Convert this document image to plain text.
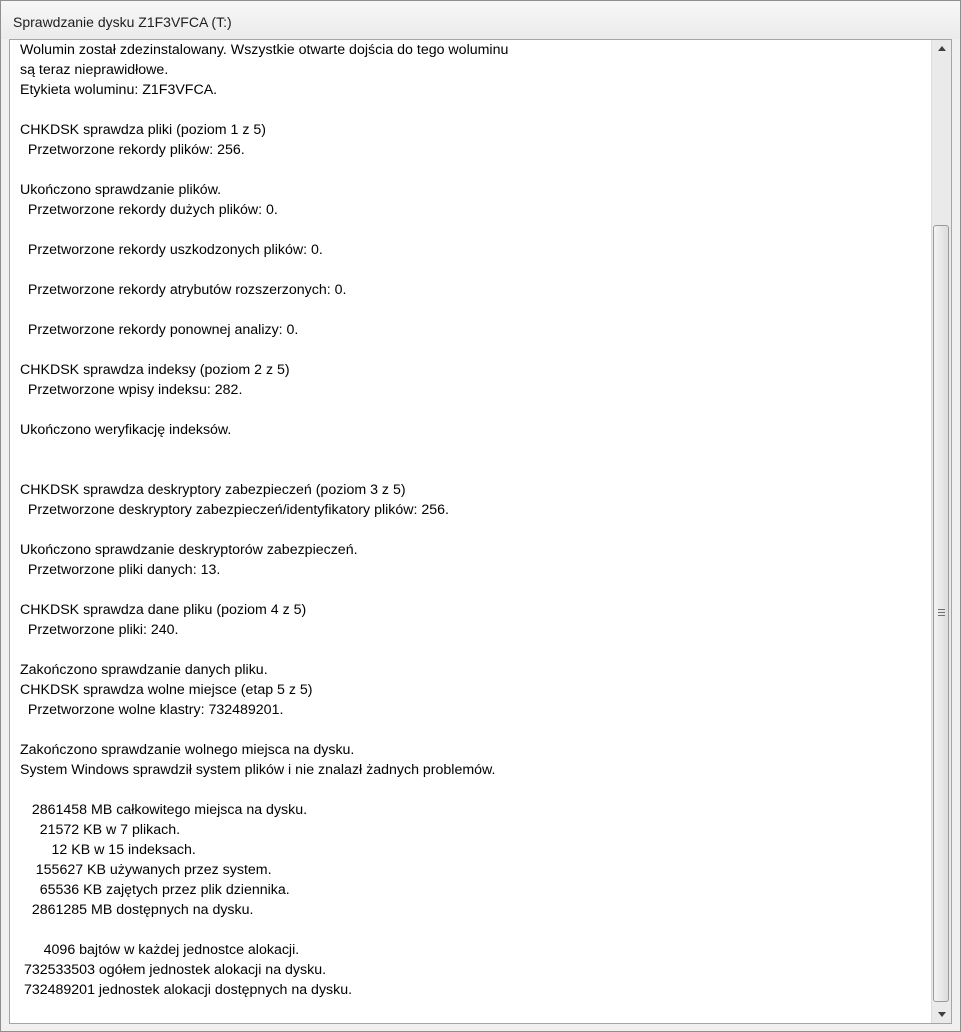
Sprawdzanie dysku Z1F3VFCA (T:)
Wolumin został zdezinstalowany. Wszystkie otwarte dojścia do tego woluminu
są teraz nieprawidłowe.
Etykieta woluminu: Z1F3VFCA.

CHKDSK sprawdza pliki (poziom 1 z 5)
Przetworzone rekordy plików: 256.

Ukończono sprawdzanie plików.
Przetworzone rekordy dużych plików: 0.

Przetworzone rekordy uszkodzonych plików: 0.

Przetworzone rekordy atrybutów rozszerzonych: 0.

Przetworzone rekordy ponownej analizy: 0.

CHKDSK sprawdza indeksy (poziom 2 z 5)
Przetworzone wpisy indeksu: 282.

Ukończono weryfikację indeksów.

CHKDSK sprawdza deskryptory zabezpieczeń (poziom 3 z 5)
Przetworzone deskryptory zabezpieczeń/identyfikatory plików: 256.

Ukończono sprawdzanie deskryptorów zabezpieczeń.
Przetworzone pliki danych: 13.

CHKDSK sprawdza dane pliku (poziom 4 z 5)
Przetworzone pliki: 240.

Zakończono sprawdzanie danych pliku.
CHKDSK sprawdza wolne miejsce (etap 5 z 5)
Przetworzone wolne klastry: 732489201.

Zakończono sprawdzanie wolnego miejsca na dysku.
System Windows sprawdził system plików i nie znalazł żadnych problemów.

2861458 MB całkowitego miejsca na dysku.
21572 KB w 7 plikach.
12 KB w 15 indeksach.
155627 KB używanych przez system.
65536 KB zajętych przez plik dziennika.
2861285 MB dostępnych na dysku.

4096 bajtów w każdej jednostce alokacji.
732533503 ogółem jednostek alokacji na dysku.
732489201 jednostek alokacji dostępnych na dysku.
